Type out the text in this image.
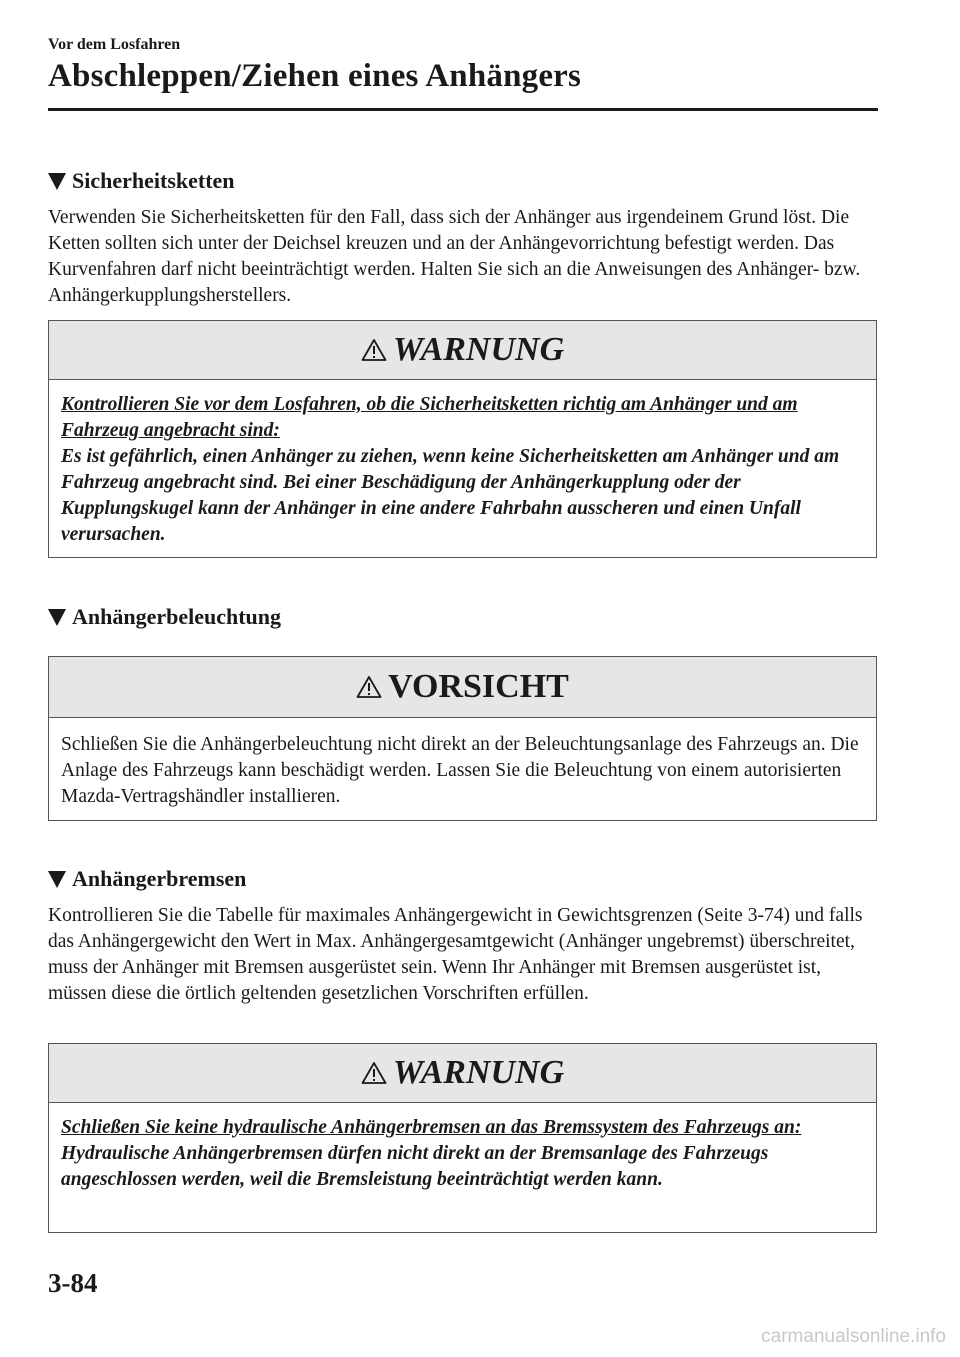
Vor dem Losfahren
Abschleppen/Ziehen eines Anhängers
Sicherheitsketten
Verwenden Sie Sicherheitsketten für den Fall, dass sich der Anhänger aus irgendeinem Grund löst. Die Ketten sollten sich unter der Deichsel kreuzen und an der Anhängevorrichtung befestigt werden. Das Kurvenfahren darf nicht beeinträchtigt werden. Halten Sie sich an die Anweisungen des Anhänger- bzw. Anhängerkupplungsherstellers.
WARNUNG
Kontrollieren Sie vor dem Losfahren, ob die Sicherheitsketten richtig am Anhänger und am Fahrzeug angebracht sind:
Es ist gefährlich, einen Anhänger zu ziehen, wenn keine Sicherheitsketten am Anhänger und am Fahrzeug angebracht sind. Bei einer Beschädigung der Anhängerkupplung oder der Kupplungskugel kann der Anhänger in eine andere Fahrbahn ausscheren und einen Unfall verursachen.
Anhängerbeleuchtung
VORSICHT
Schließen Sie die Anhängerbeleuchtung nicht direkt an der Beleuchtungsanlage des Fahrzeugs an. Die Anlage des Fahrzeugs kann beschädigt werden. Lassen Sie die Beleuchtung von einem autorisierten Mazda-Vertragshändler installieren.
Anhängerbremsen
Kontrollieren Sie die Tabelle für maximales Anhängergewicht in Gewichtsgrenzen (Seite 3-74) und falls das Anhängergewicht den Wert in Max. Anhängergesamtgewicht (Anhänger ungebremst) überschreitet, muss der Anhänger mit Bremsen ausgerüstet sein. Wenn Ihr Anhänger mit Bremsen ausgerüstet ist, müssen diese die örtlich geltenden gesetzlichen Vorschriften erfüllen.
WARNUNG
Schließen Sie keine hydraulische Anhängerbremsen an das Bremssystem des Fahrzeugs an:
Hydraulische Anhängerbremsen dürfen nicht direkt an der Bremsanlage des Fahrzeugs angeschlossen werden, weil die Bremsleistung beeinträchtigt werden kann.
3-84
carmanualsonline.info
